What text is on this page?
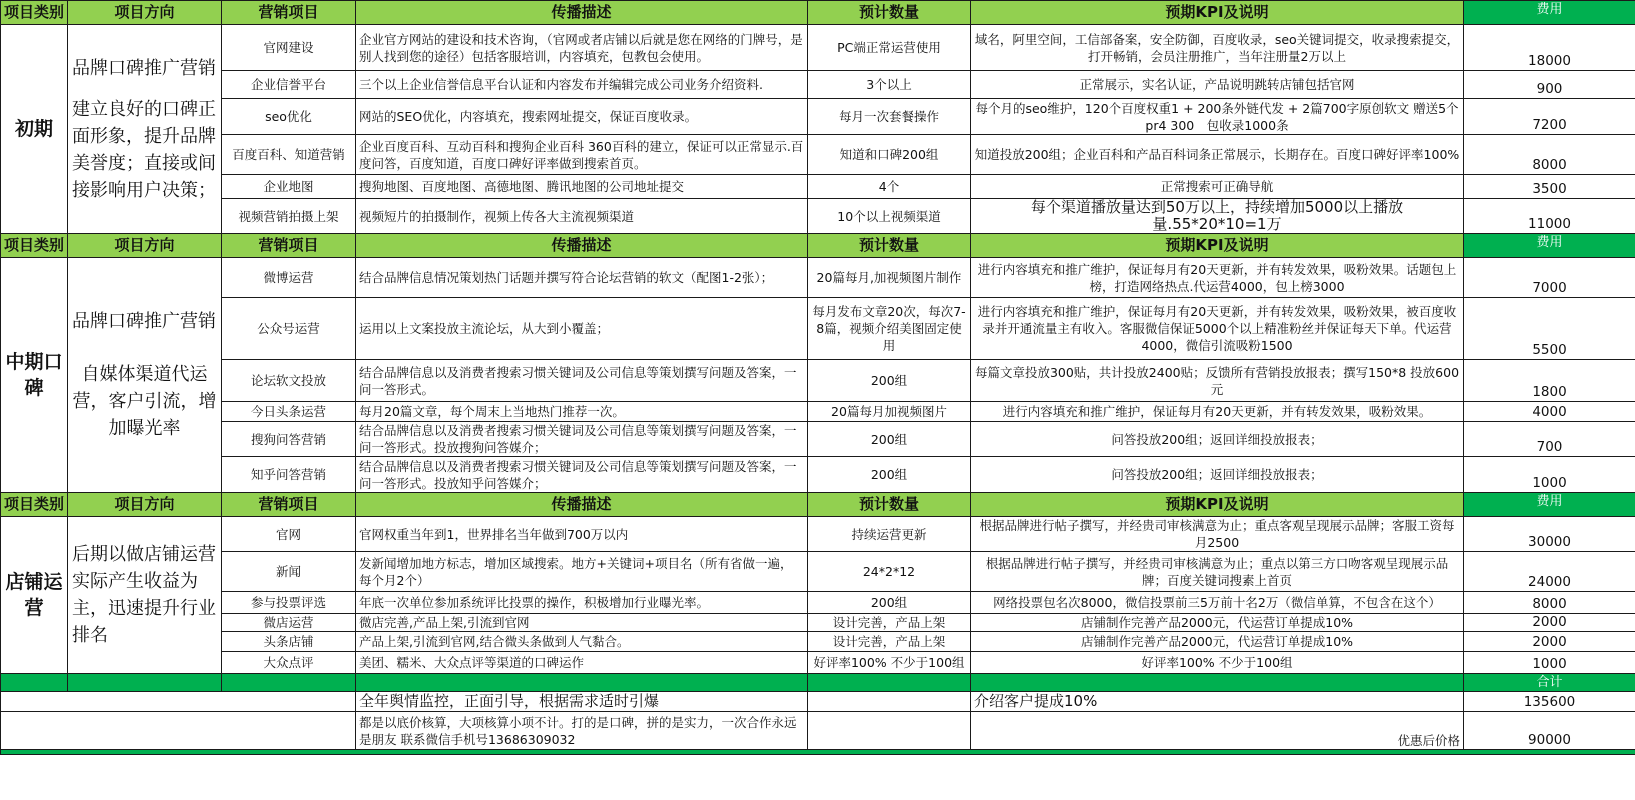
项目类别	项目方向	营销项目	传播描述	预计数量	预期KPI及说明	费用
初期	品牌口碑推广营销

建立良好的口碑正面形象，提升品牌美誉度；直接或间接影响用户决策；	官网建设	企业官方网站的建设和技术咨询，（官网或者店铺以后就是您在网络的门牌号，是别人找到您的途径）包括客服培训，内容填充，包教包会使用。	PC端正常运营使用	域名，阿里空间，工信部备案，安全防御，百度收录，seo关键词提交，收录搜索提交，打开畅销，会员注册推广，当年注册量2万以上	18000
		企业信誉平台	三个以上企业信誉信息平台认证和内容发布并编辑完成公司业务介绍资料.	3个以上	正常展示，实名认证，产品说明跳转店铺包括官网	900
		seo优化	网站的SEO优化，内容填充，搜索网址提交，保证百度收录。	每月一次套餐操作	每个月的seo维护，120个百度权重1 + 200条外链代发 + 2篇700字原创软文 赠送5个pr4 300　包收录1000条	7200
		百度百科、知道营销	企业百度百科、互动百科和搜狗企业百科 360百科的建立，保证可以正常显示.百度问答，百度知道，百度口碑好评率做到搜索首页。	知道和口碑200组	知道投放200组；企业百科和产品百科词条正常展示，长期存在。百度口碑好评率100%	8000
		企业地图	搜狗地图、百度地图、高德地图、腾讯地图的公司地址提交	4个	正常搜索可正确导航	3500
		视频营销拍摄上架	视频短片的拍摄制作，视频上传各大主流视频渠道	10个以上视频渠道	每个渠道播放量达到50万以上，持续增加5000以上播放量.55*20*10=1万	11000
项目类别	项目方向	营销项目	传播描述	预计数量	预期KPI及说明	费用
中期口碑	品牌口碑推广营销

自媒体渠道代运营，客户引流，增加曝光率	微博运营	结合品牌信息情况策划热门话题并撰写符合论坛营销的软文（配图1-2张）；	20篇每月,加视频图片制作	进行内容填充和推广维护，保证每月有20天更新，并有转发效果，吸粉效果。话题包上榜，打造网络热点.代运营4000，包上榜3000	7000
		公众号运营	运用以上文案投放主流论坛，从大到小覆盖；	每月发布文章20次，每次7-8篇，视频介绍美图固定使用	进行内容填充和推广维护，保证每月有20天更新，并有转发效果，吸粉效果，被百度收录并开通流量主有收入。客服微信保证5000个以上精准粉丝并保证每天下单。代运营4000，微信引流吸粉1500	5500
		论坛软文投放	结合品牌信息以及消费者搜索习惯关键词及公司信息等策划撰写问题及答案，一问一答形式。	200组	每篇文章投放300贴，共计投放2400贴；反馈所有营销投放报表；撰写150*8 投放600元	1800
		今日头条运营	每月20篇文章，每个周末上当地热门推荐一次。	20篇每月加视频图片	进行内容填充和推广维护，保证每月有20天更新，并有转发效果，吸粉效果。	4000
		搜狗问答营销	结合品牌信息以及消费者搜索习惯关键词及公司信息等策划撰写问题及答案，一问一答形式。投放搜狗问答媒介；	200组	问答投放200组；返回详细投放报表；	700
		知乎问答营销	结合品牌信息以及消费者搜索习惯关键词及公司信息等策划撰写问题及答案，一问一答形式。投放知乎问答媒介；	200组	问答投放200组；返回详细投放报表；	1000
项目类别	项目方向	营销项目	传播描述	预计数量	预期KPI及说明	费用
店铺运营	后期以做店铺运营实际产生收益为主，迅速提升行业排名	官网	官网权重当年到1，世界排名当年做到700万以内	持续运营更新	根据品牌进行帖子撰写，并经贵司审核满意为止；重点客观呈现展示品牌；客服工资每月2500	30000
		新闻	发新闻增加地方标志，增加区域搜索。地方+关键词+项目名（所有省做一遍，每个月2个）	24*2*12	根据品牌进行帖子撰写，并经贵司审核满意为止；重点以第三方口吻客观呈现展示品牌；百度关键词搜素上首页	24000
		参与投票评选	年底一次单位参加系统评比投票的操作，积极增加行业曝光率。	200组	网络投票包名次8000，微信投票前三5万前十名2万（微信单算，不包含在这个）	8000
		微店运营	微店完善,产品上架,引流到官网	设计完善，产品上架	店铺制作完善产品2000元，代运营订单提成10%	2000
		头条店铺	产品上架,引流到官网,结合微头条做到人气黏合。	设计完善，产品上架	店铺制作完善产品2000元，代运营订单提成10%	2000
		大众点评	美团、糯米、大众点评等渠道的口碑运作	好评率100% 不少于100组	好评率100% 不少于100组	1000
						合计
			全年舆情监控，正面引导，根据需求适时引爆		介绍客户提成10%	135600
			都是以底价核算，大项核算小项不计。打的是口碑，拼的是实力，一次合作永远是朋友 联系微信手机号13686309032		优惠后价格	90000
